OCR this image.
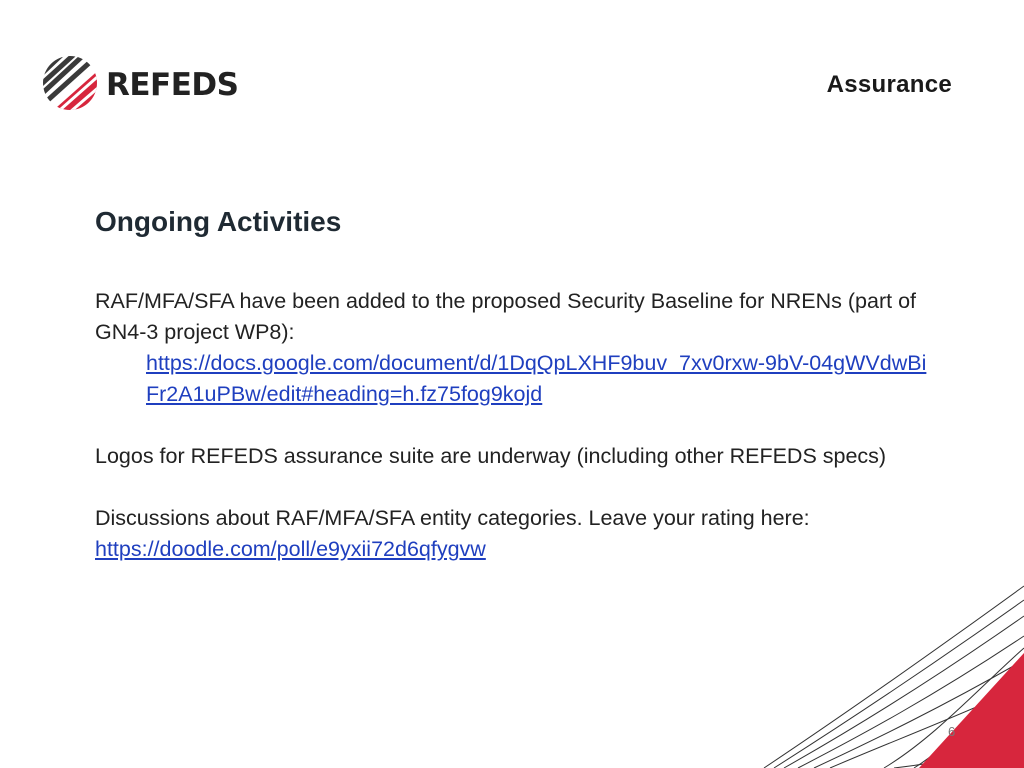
REFEDS	Assurance
Ongoing Activities

RAF/MFA/SFA have been added to the proposed Security Baseline for NRENs (part of GN4-3 project WP8):

https://docs.google.com/document/d/1DqQpLXHF9buv_7xv0rxw-9bV-04gWVdwBiFr2A1uPBw/edit#heading=h.fz75fog9kojd

Logos for REFEDS assurance suite are underway (including other REFEDS specs)

Discussions about RAF/MFA/SFA entity categories. Leave your rating here:

https://doodle.com/poll/e9yxii72d6qfygvw

6
